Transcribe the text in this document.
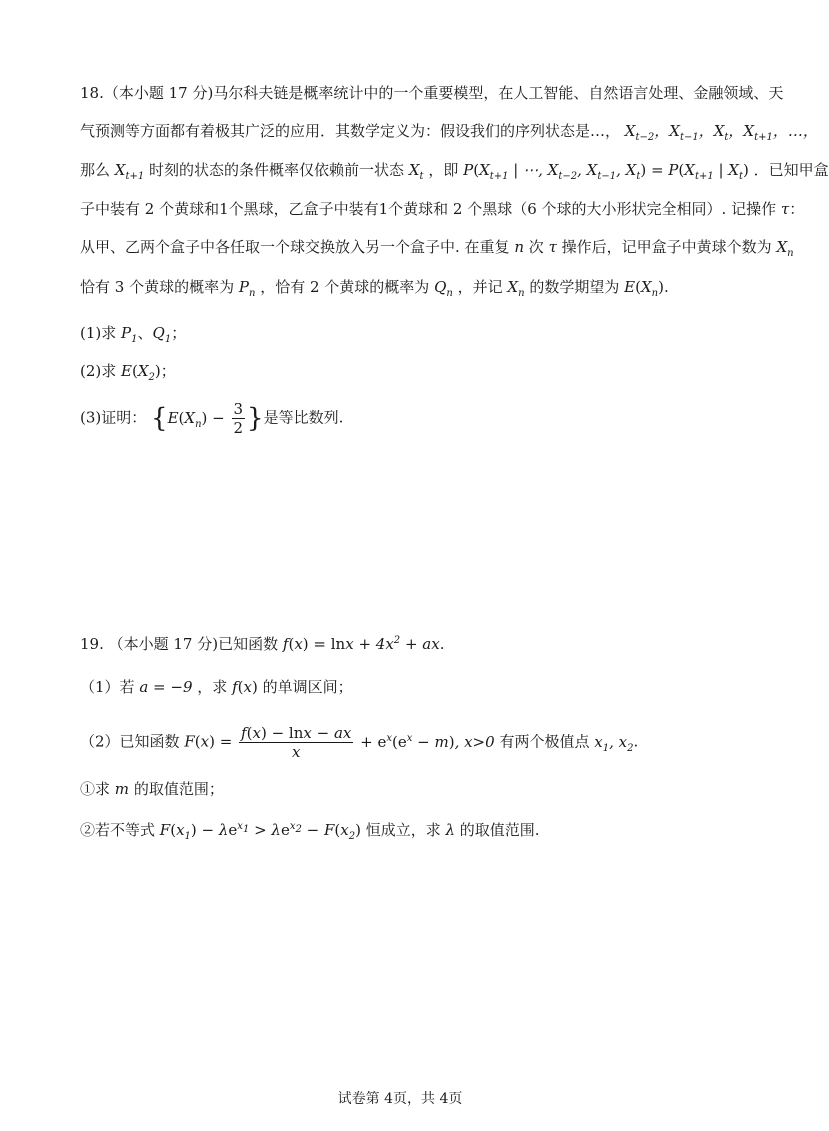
18.（本小题 17 分)马尔科夫链是概率统计中的一个重要模型，在人工智能、自然语言处理、金融领域、天
气预测等方面都有着极其广泛的应用．其数学定义为：假设我们的序列状态是…， $X_{t-2}$，$X_{t-1}$，$X_t$，$X_{t+1}$，…，
那么 $X_{t+1}$ 时刻的状态的条件概率仅依赖前一状态 $X_t$ ，即 $P(X_{t+1}$ | ⋯, $X_{t-2}$, $X_{t-1}$, $X_t) = P(X_{t+1}$ | $X_t$) ．已知甲盒
子中装有 2 个黄球和1个黑球，乙盒子中装有1个黄球和 2 个黑球（6 个球的大小形状完全相同）. 记操作 τ：
从甲、乙两个盒子中各任取一个球交换放入另一个盒子中. 在重复 n 次 τ 操作后，记甲盒子中黄球个数为 $X_n$
恰有 3 个黄球的概率为 $P_n$ ，恰有 2 个黄球的概率为 $Q_n$ ，并记 $X_n$ 的数学期望为 $E(X_n)$.
(1)求 $P_1$、$Q_1$；
(2)求 $E(X_2)$；
(3)证明： {$E(X_n) - \frac{3}{2}$ }是等比数列.
19. （本小题 17 分)已知函数 $f(x) = \ln x + 4x^2$ + ax.
（1）若 a = −9 ，求 f(x) 的单调区间；
（2）已知函数 $F(x) = \frac{f(x) - \ln x - ax}{x} + e^x(e^x - m)$, x>0 有两个极值点 $x_1$, $x_2$.
①求 m 的取值范围；
②若不等式 $F(x_1) - \lambda e^{x_1} > \lambda e^{x_2} - F(x_2)$ 恒成立，求 λ 的取值范围.
试卷第 4页，共 4页
